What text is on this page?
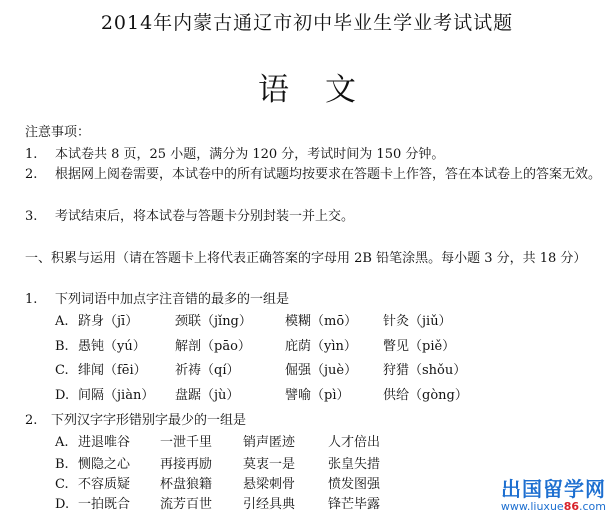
2014年内蒙古通辽市初中毕业生学业考试试题
语文
注意事项：
1. 本试卷共 8 页，25 小题，满分为 120 分，考试时间为 150 分钟。
2.	根据网上阅卷需要，本试卷中的所有试题均按要求在答题卡上作答，答在本试卷上的答案无效。
3. 考试结束后，将本试卷与答题卡分别封装一并上交。
一、积累与运用（请在答题卡上将代表正确答案的字母用 2B 铅笔涂黑。每小题 3 分，共 18 分）
1. 下列词语中加点字注音错的最多的一组是
A. 跻身（jī）	颈联（jǐng）	模糊（mō） 针灸（jiǔ）
B. 愚钝（yú） 解剖（pāo）	庇荫（yìn） 瞥见（piě）
C. 绯闻（fēi） 祈祷（qí）	倔强（juè） 狩猎（shǒu）
D. 间隔（jiàn） 盘踞（jù）	譬喻（pì）	供给（gòng）
2. 下列汉字字形错别字最少的一组是
A. 进退唯谷 一泄千里 销声匿迹	人才倍出
B. 恻隐之心 再接再励 莫衷一是	张皇失措
C. 不容质疑 杯盘狼籍 悬梁刺骨	愤发图强
D. 一拍既合 流芳百世 引经具典	锋芒毕露
出国留学网
www.liuxue86.com
